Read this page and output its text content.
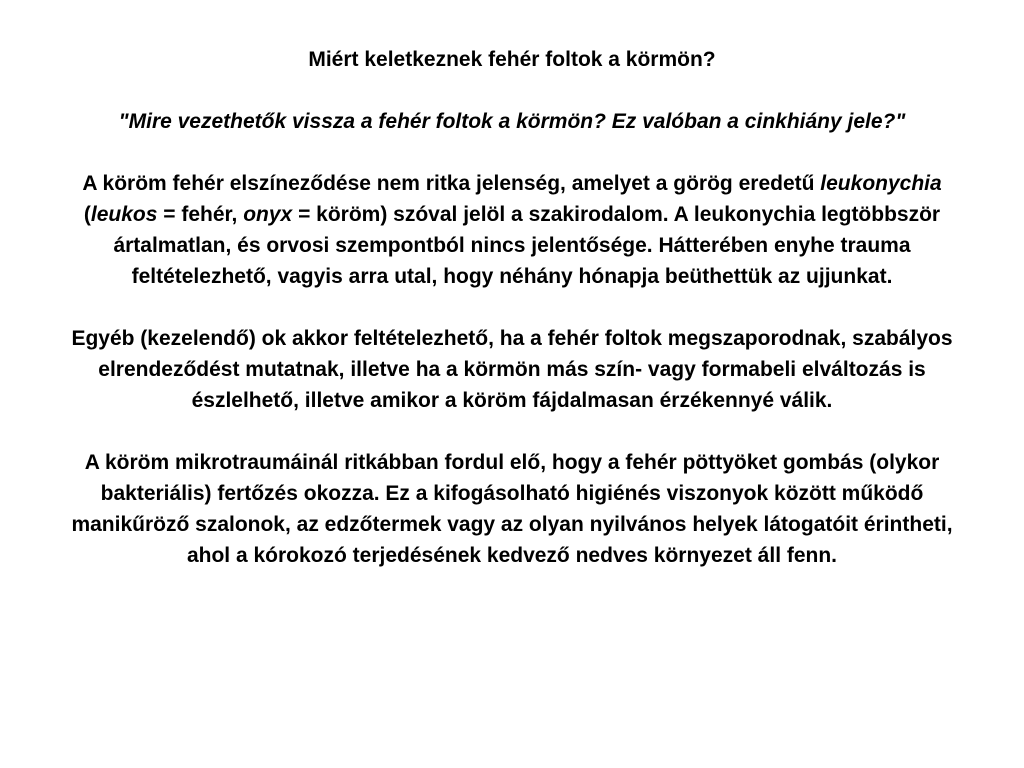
Miért keletkeznek fehér foltok a körmön?

"Mire vezethetők vissza a fehér foltok a körmön? Ez valóban a cinkhiány jele?"

A köröm fehér elszíneződése nem ritka jelenség, amelyet a görög eredetű leukonychia (leukos = fehér, onyx = köröm) szóval jelöl a szakirodalom. A leukonychia legtöbbször ártalmatlan, és orvosi szempontból nincs jelentősége. Hátterében enyhe trauma feltételezhető, vagyis arra utal, hogy néhány hónapja beüthettük az ujjunkat.

Egyéb (kezelendő) ok akkor feltételezhető, ha a fehér foltok megszaporodnak, szabályos elrendeződést mutatnak, illetve ha a körmön más szín- vagy formabeli elváltozás is észlelhető, illetve amikor a köröm fájdalmasan érzékennyé válik.

A köröm mikrotraumáinál ritkábban fordul elő, hogy a fehér pöttyöket gombás (olykor bakteriális) fertőzés okozza. Ez a kifogásolható higiénés viszonyok között működő manikűröző szalonok, az edzőtermek vagy az olyan nyilvános helyek látogatóit érintheti, ahol a kórokozó terjedésének kedvező nedves környezet áll fenn.
